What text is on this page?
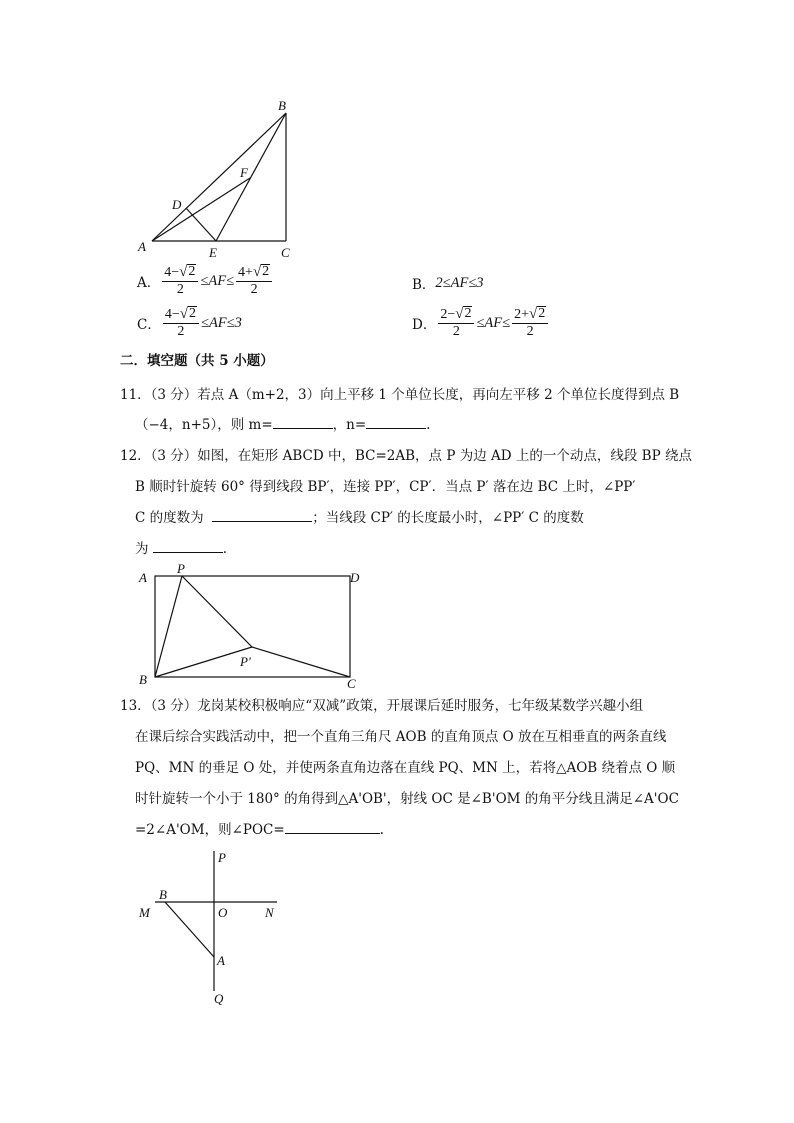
B
F
D
A	E	C
A． $\frac{4- √ 2}{2} \le AF\le \frac{4+ √ 2}{2}$	B． 2≤AF≤3
C． $\frac{4- √ 2}{2} \le AF\le 3$	D． $\frac{2- √ 2}{2} \le AF\le \frac{2+ √ 2}{2}$
二．填空题（共 5 小题）
11．（3 分）若点 A（m+2，3）向上平移 1 个单位长度，再向左平移 2 个单位长度得到点 B
（−4，n+5），则 m=	，n=	.
12．（3 分）如图，在矩形 ABCD 中，BC=2AB，点 P 为边 AD 上的一个动点，线段 BP 绕点
B 顺时针旋转 60° 得到线段 BP′，连接 PP′，CP′．当点 P′ 落在边 BC 上时，∠PP′
C 的度数为	；当线段 CP′ 的长度最小时，∠PP′ C 的度数
为	.
A
P
D
P′
B	C
13．（3 分）龙岗某校积极响应“双减”政策，开展课后延时服务，七年级某数学兴趣小组
在课后综合实践活动中，把一个直角三角尺 AOB 的直角顶点 O 放在互相垂直的两条直线
PQ、MN 的垂足 O 处，并使两条直角边落在直线 PQ、MN 上，若将△AOB 绕着点 O 顺
时针旋转一个小于 180° 的角得到△A'OB'，射线 OC 是∠B'OM 的角平分线且满足∠A'OC
=2∠A'OM，则∠POC=	.
P
B
M	O	N
A
Q
